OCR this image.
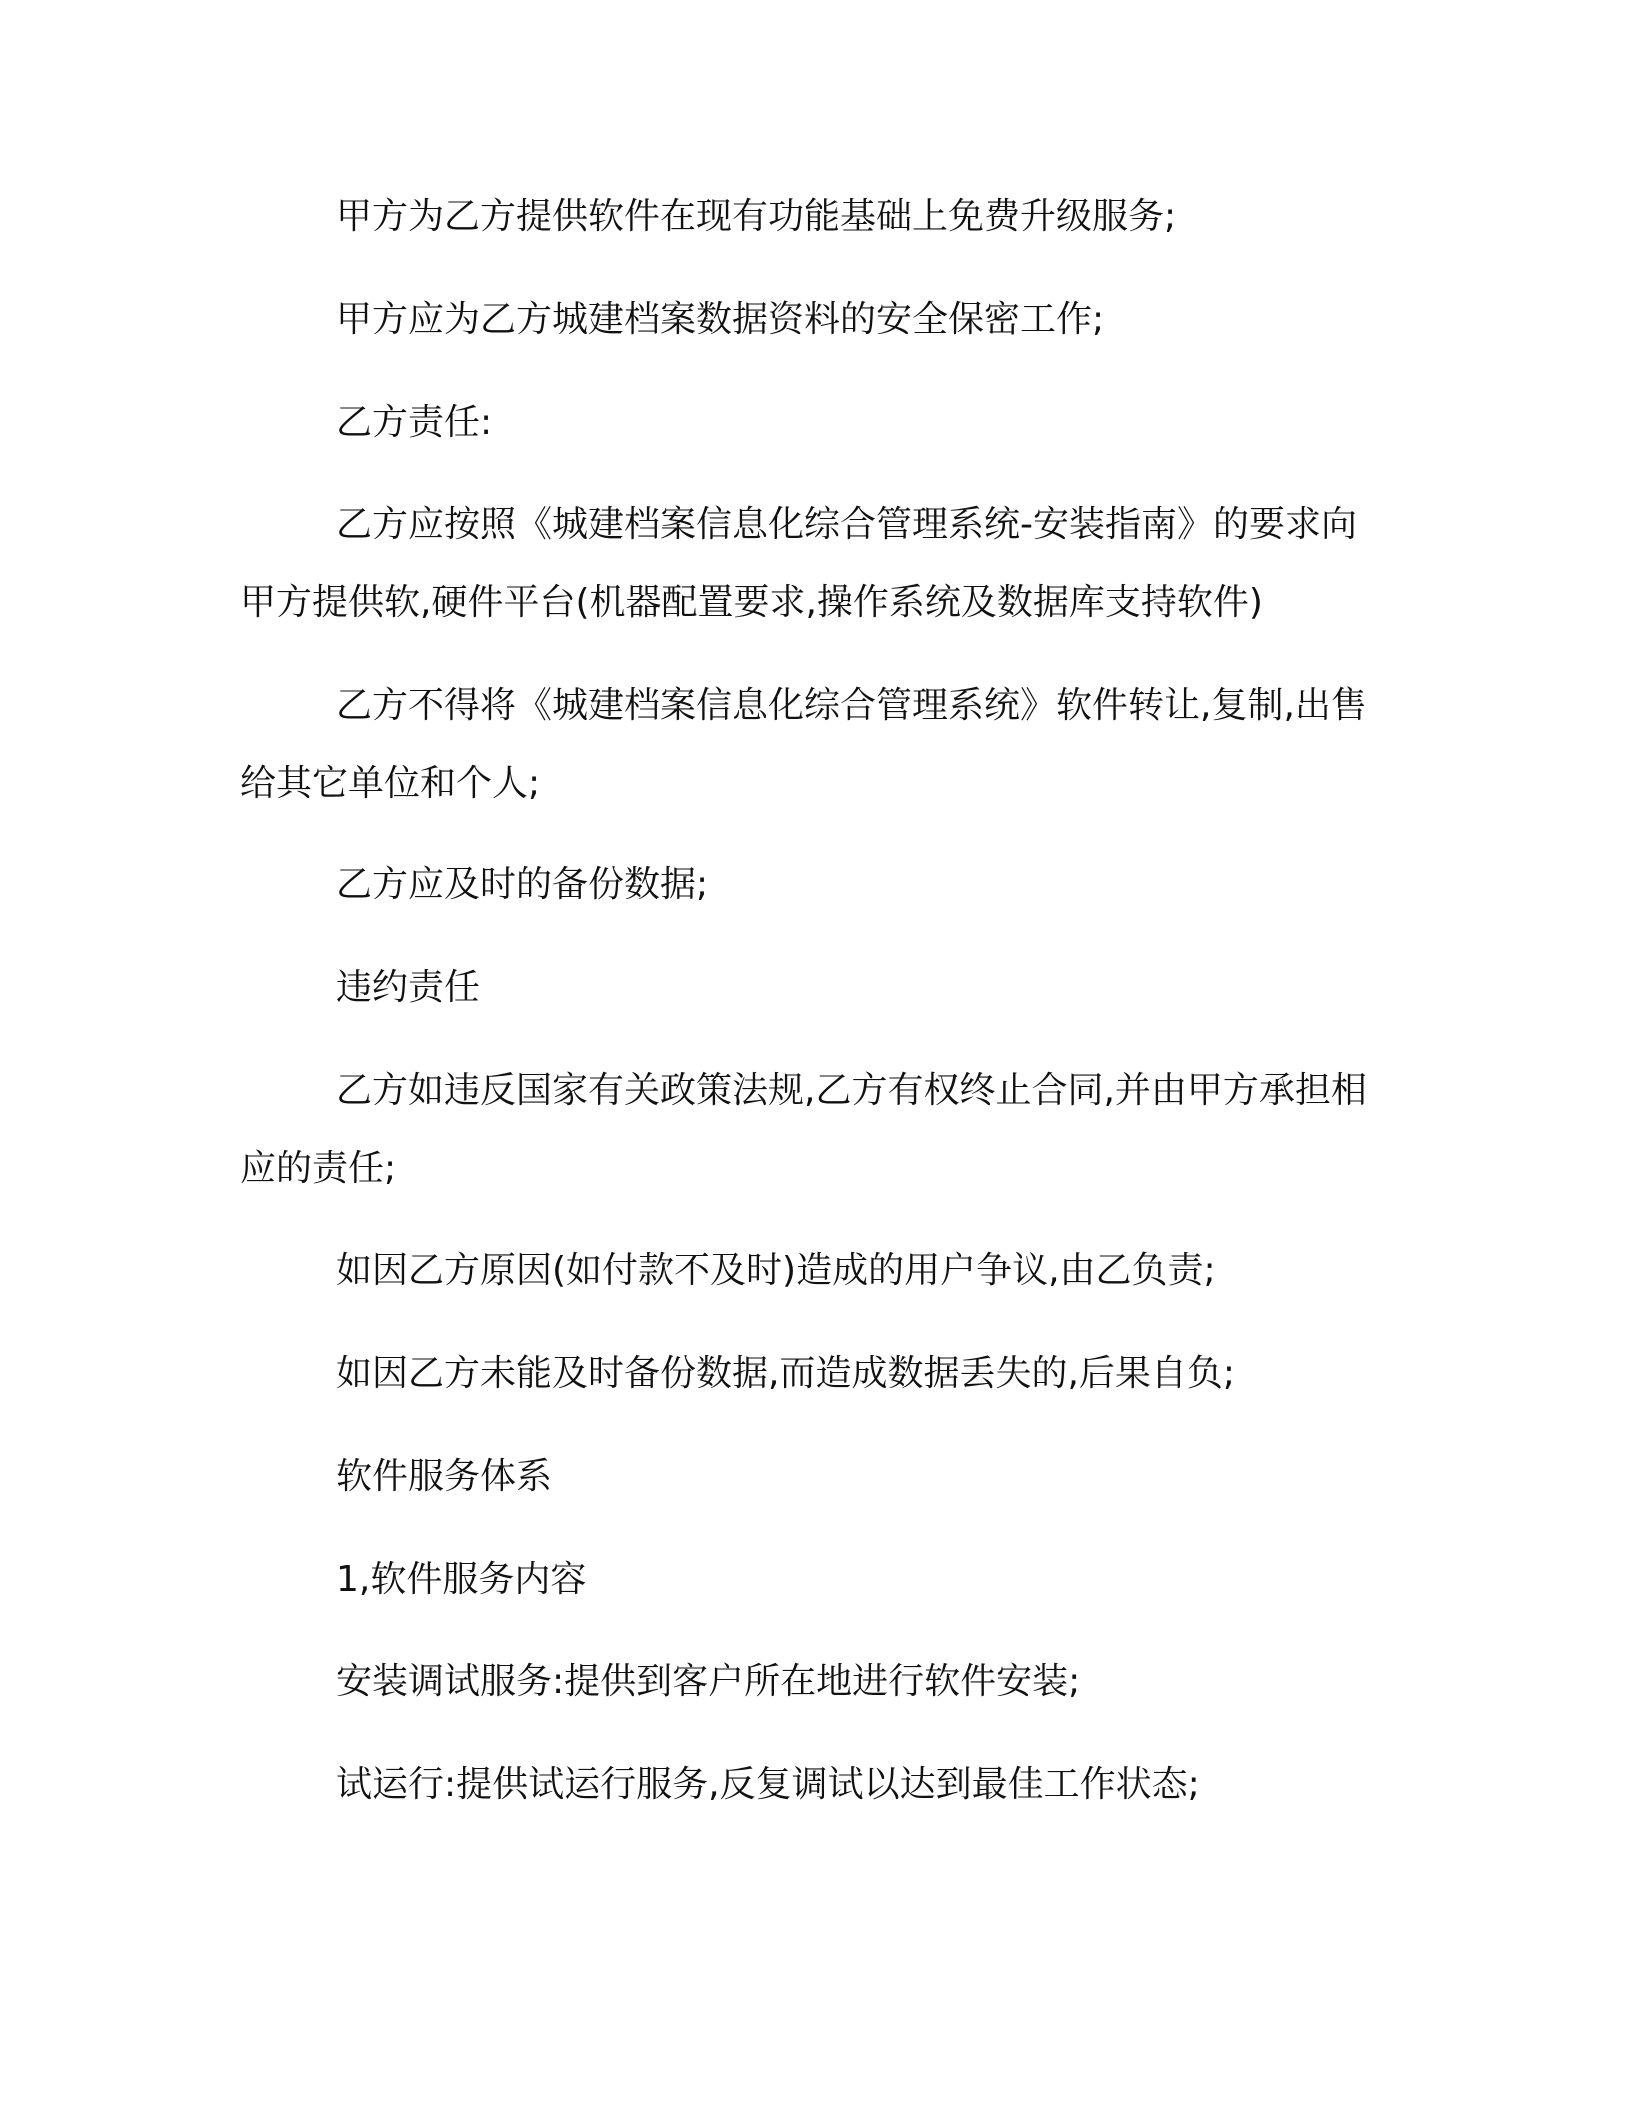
甲方为乙方提供软件在现有功能基础上免费升级服务;

甲方应为乙方城建档案数据资料的安全保密工作;

乙方责任:

乙方应按照《城建档案信息化综合管理系统-安装指南》的要求向甲方提供软,硬件平台(机器配置要求,操作系统及数据库支持软件)

乙方不得将《城建档案信息化综合管理系统》软件转让,复制,出售给其它单位和个人;

乙方应及时的备份数据;

违约责任

乙方如违反国家有关政策法规,乙方有权终止合同,并由甲方承担相应的责任;

如因乙方原因(如付款不及时)造成的用户争议,由乙负责;

如因乙方未能及时备份数据,而造成数据丢失的,后果自负;

软件服务体系

1,软件服务内容

安装调试服务:提供到客户所在地进行软件安装;

试运行:提供试运行服务,反复调试以达到最佳工作状态;
